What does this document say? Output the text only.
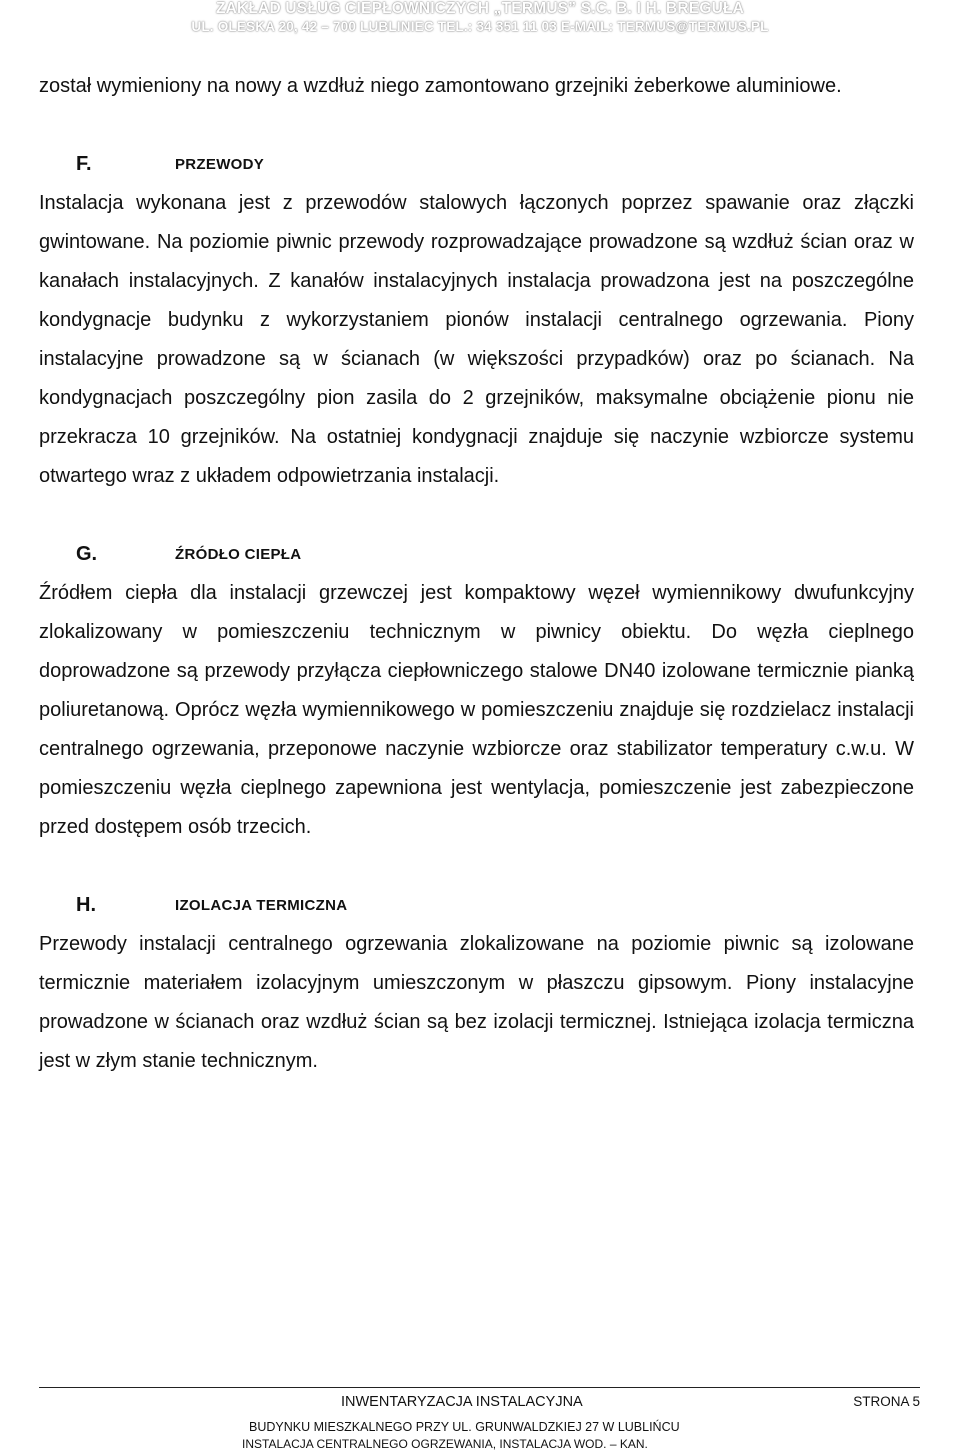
ZAKŁAD USŁUG CIEPŁOWNICZYCH „TERMUS” S.C. B. I H. BREGUŁA
UL. OLESKA 20, 42 – 700 LUBLINIEC TEL.: 34 351 11 03 E-MAIL: TERMUS@TERMUS.PL

został wymieniony na nowy a wzdłuż niego zamontowano grzejniki żeberkowe aluminiowe.

F.	PRZEWODY

Instalacja wykonana jest z przewodów stalowych łączonych poprzez spawanie oraz złączki gwintowane. Na poziomie piwnic przewody rozprowadzające prowadzone są wzdłuż ścian oraz w kanałach instalacyjnych. Z kanałów instalacyjnych instalacja prowadzona jest na poszczególne kondygnacje budynku z wykorzystaniem pionów instalacji centralnego ogrzewania. Piony instalacyjne prowadzone są w ścianach (w większości przypadków) oraz po ścianach. Na kondygnacjach poszczególny pion zasila do 2 grzejników, maksymalne obciążenie pionu nie przekracza 10 grzejników. Na ostatniej kondygnacji znajduje się naczynie wzbiorcze systemu otwartego wraz z układem odpowietrzania instalacji.

G.	ŹRÓDŁO CIEPŁA

Źródłem ciepła dla instalacji grzewczej jest kompaktowy węzeł wymiennikowy dwufunkcyjny zlokalizowany w pomieszczeniu technicznym w piwnicy obiektu. Do węzła cieplnego doprowadzone są przewody przyłącza ciepłowniczego stalowe DN40 izolowane termicznie pianką poliuretanową. Oprócz węzła wymiennikowego w pomieszczeniu znajduje się rozdzielacz instalacji centralnego ogrzewania, przeponowe naczynie wzbiorcze oraz stabilizator temperatury c.w.u. W pomieszczeniu węzła cieplnego zapewniona jest wentylacja, pomieszczenie jest zabezpieczone przed dostępem osób trzecich.

H.	IZOLACJA TERMICZNA

Przewody instalacji centralnego ogrzewania zlokalizowane na poziomie piwnic są izolowane termicznie materiałem izolacyjnym umieszczonym w płaszczu gipsowym. Piony instalacyjne prowadzone w ścianach oraz wzdłuż ścian są bez izolacji termicznej. Istniejąca izolacja termiczna jest w złym stanie technicznym.

INWENTARYZACJA INSTALACYJNA	STRONA 5
BUDYNKU MIESZKALNEGO PRZY UL. GRUNWALDZKIEJ 27 W LUBLIŃCU
INSTALACJA CENTRALNEGO OGRZEWANIA, INSTALACJA WOD. – KAN.
